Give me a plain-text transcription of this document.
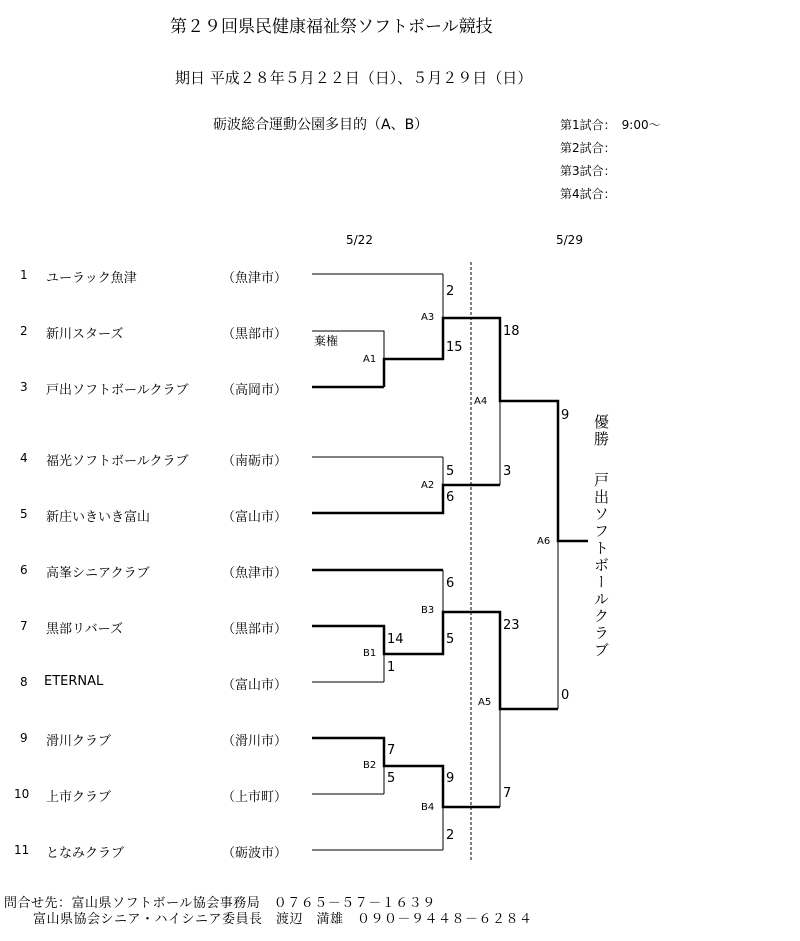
第２９回県民健康福祉祭ソフトボール競技
期日 平成２８年５月２２日（日）、５月２９日（日）
砺波総合運動公園多目的（A、B）	第1試合： 9:00～
第2試合：
第3試合：
第4試合：
5/22	5/29
1 ユーラック魚津	（魚津市）
2 新川スターズ	（黒部市）
3 戸出ソフトボールクラブ	（高岡市）
4 福光ソフトボールクラブ	（南砺市）
5 新庄いきいき富山	（富山市）
6 高峯シニアクラブ	（魚津市）
7 黒部リバーズ	（黒部市）
8 ETERNAL	（富山市）
9 滑川クラブ	（滑川市）
10 上市クラブ	（上市町）
11 となみクラブ	（砺波市）
棄権
A1
A3
A2
A4
A6
B3
B1
A5
B2
B4
2
15
5
6
18
3
9
0
6
5
14
1
23
7
7
5	9
2
優勝
戸出ソフトボールクラブ
問合せ先：富山県ソフトボール協会事務局　０７６５－５７－１６３９
富山県協会シニア・ハイシニア委員長　渡辺　満雄　０９０－９４４８－６２８４
